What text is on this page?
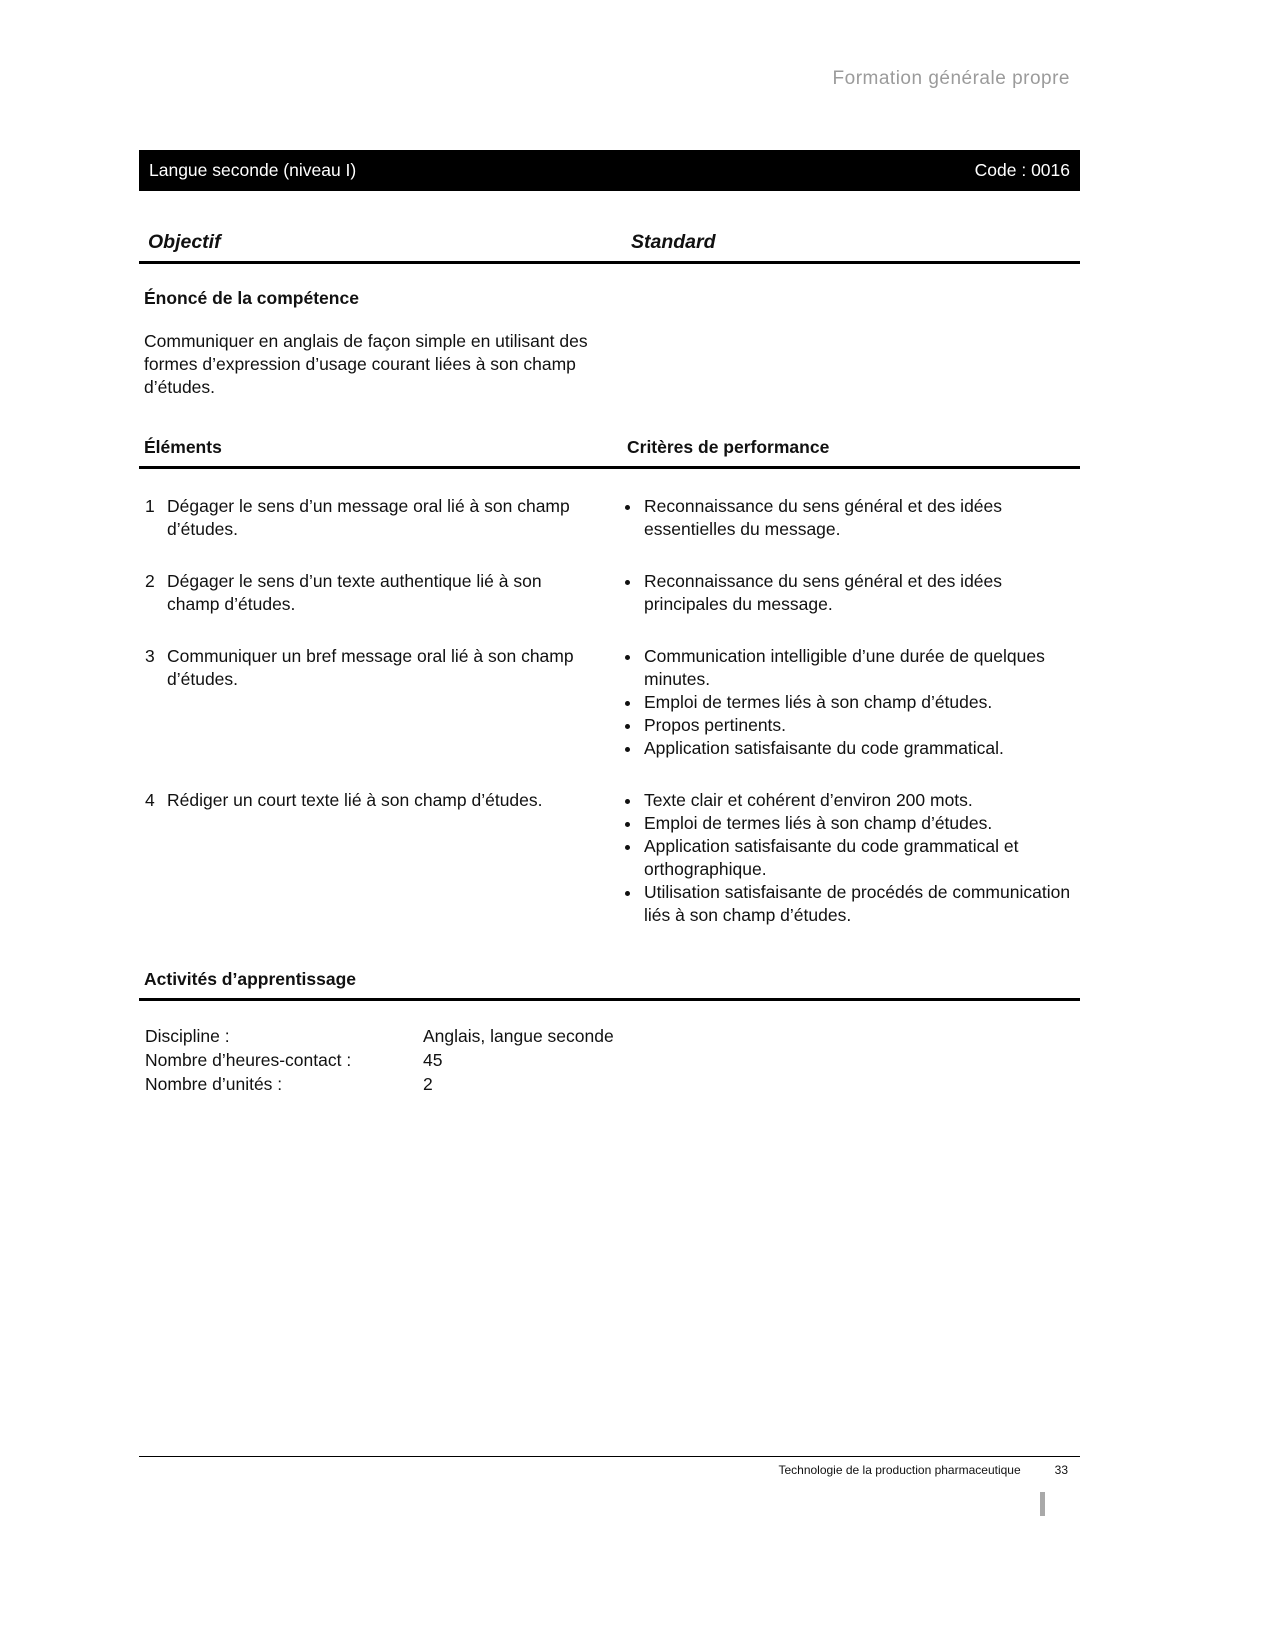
Formation générale propre
Langue seconde (niveau I)	Code : 0016
Objectif	Standard
Énoncé de la compétence
Communiquer en anglais de façon simple en utilisant des formes d’expression d’usage courant liées à son champ d’études.
Éléments	Critères de performance
1 Dégager le sens d’un message oral lié à son champ d’études.
• Reconnaissance du sens général et des idées essentielles du message.
2 Dégager le sens d’un texte authentique lié à son champ d’études.
• Reconnaissance du sens général et des idées principales du message.
3 Communiquer un bref message oral lié à son champ d’études.
• Communication intelligible d’une durée de quelques minutes.
• Emploi de termes liés à son champ d’études.
• Propos pertinents.
• Application satisfaisante du code grammatical.
4 Rédiger un court texte lié à son champ d’études.	• Texte clair et cohérent d’environ 200 mots.
• Emploi de termes liés à son champ d’études.
• Application satisfaisante du code grammatical et orthographique.
• Utilisation satisfaisante de procédés de communication liés à son champ d’études.
Activités d’apprentissage
Discipline :	Anglais, langue seconde
Nombre d’heures-contact :	45
Nombre d’unités :	2
Technologie de la production pharmaceutique	33
